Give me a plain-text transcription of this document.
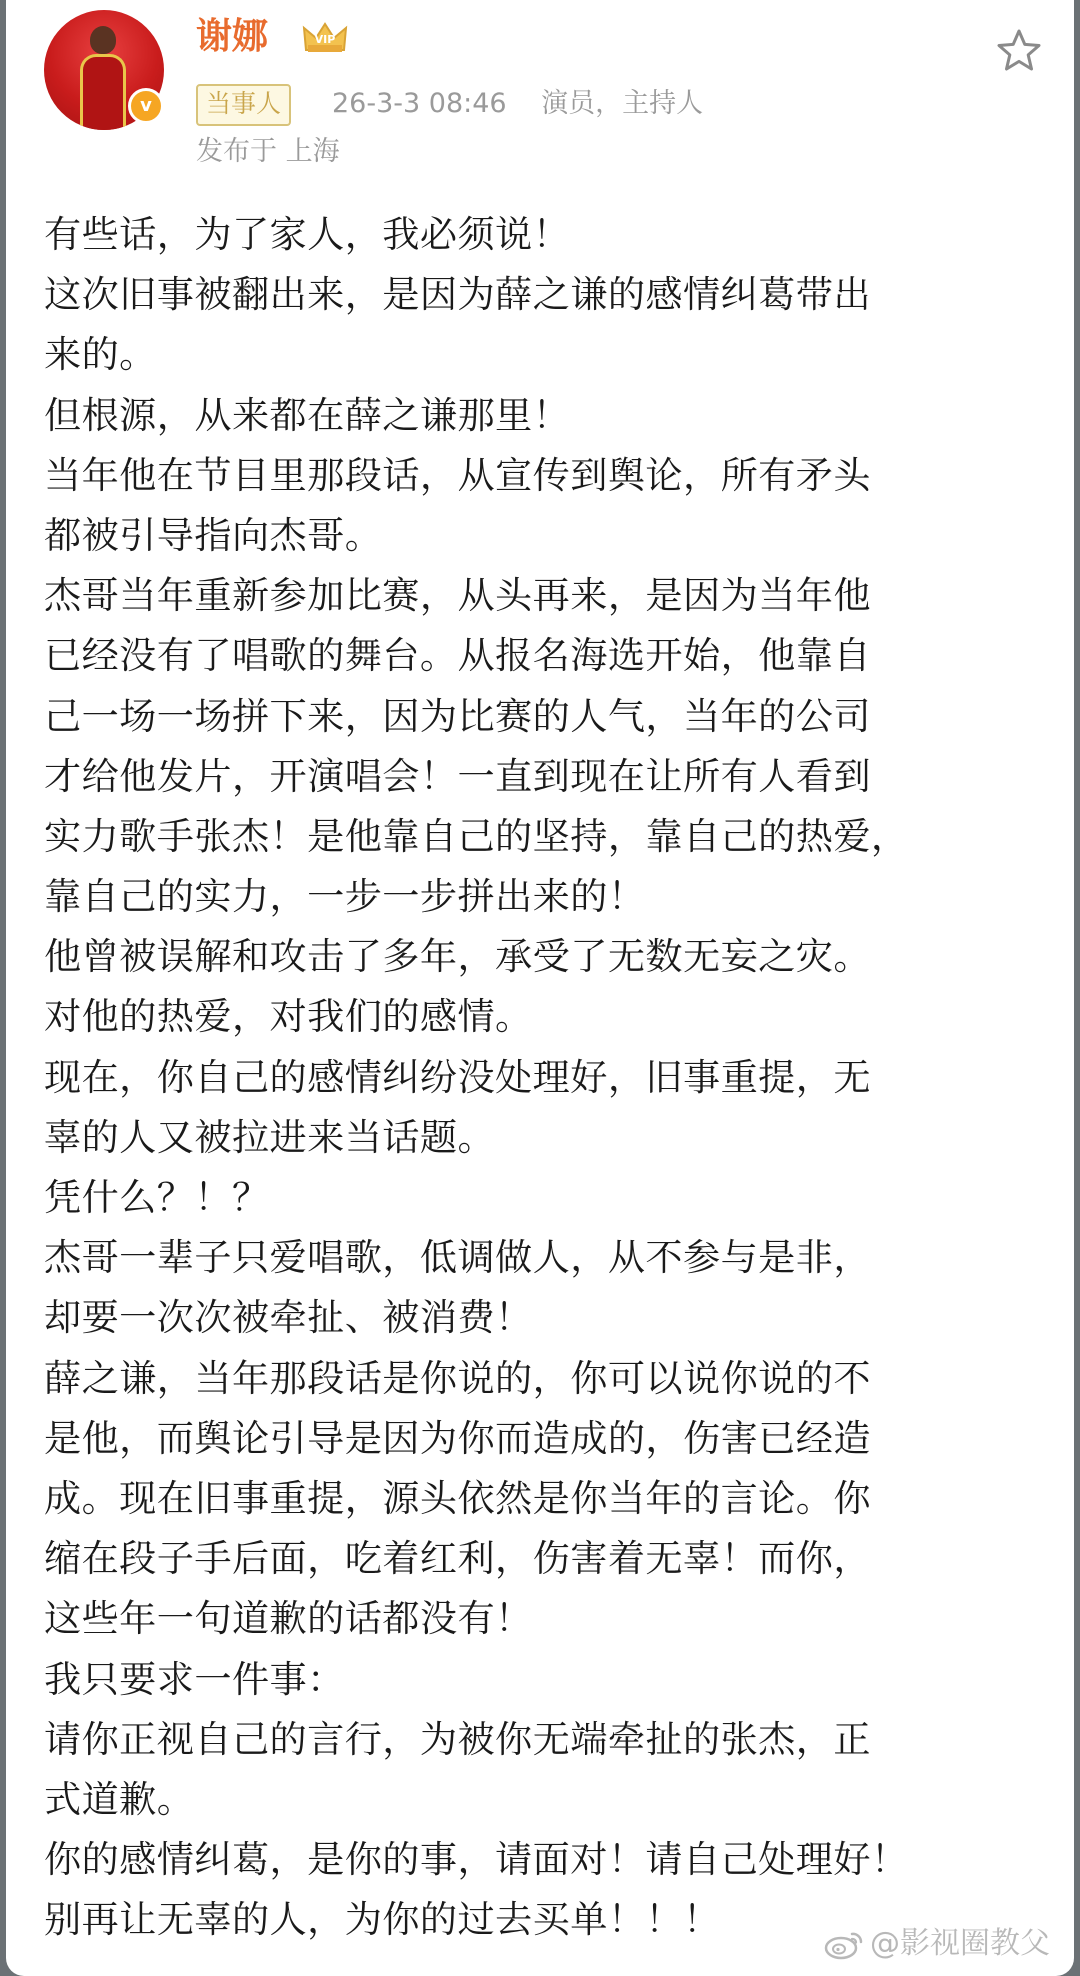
v
谢娜	VIP
当事人	26-3-3 08:46 演员，主持人
发布于 上海
有些话，为了家人，我必须说！
这次旧事被翻出来，是因为薛之谦的感情纠葛带出
来的。
但根源，从来都在薛之谦那里！
当年他在节目里那段话，从宣传到舆论，所有矛头
都被引导指向杰哥。
杰哥当年重新参加比赛，从头再来，是因为当年他
已经没有了唱歌的舞台。从报名海选开始，他靠自
己一场一场拼下来，因为比赛的人气，当年的公司
才给他发片，开演唱会！一直到现在让所有人看到
实力歌手张杰！是他靠自己的坚持，靠自己的热爱，
靠自己的实力，一步一步拼出来的！
他曾被误解和攻击了多年，承受了无数无妄之灾。
对他的热爱，对我们的感情。
现在，你自己的感情纠纷没处理好，旧事重提，无
辜的人又被拉进来当话题。
凭什么？！？
杰哥一辈子只爱唱歌，低调做人，从不参与是非，
却要一次次被牵扯、被消费！
薛之谦，当年那段话是你说的，你可以说你说的不
是他，而舆论引导是因为你而造成的，伤害已经造
成。现在旧事重提，源头依然是你当年的言论。你
缩在段子手后面，吃着红利，伤害着无辜！而你，
这些年一句道歉的话都没有！
我只要求一件事：
请你正视自己的言行，为被你无端牵扯的张杰，正
式道歉。
你的感情纠葛，是你的事，请面对！请自己处理好！
别再让无辜的人，为你的过去买单！！！
@影视圈教父
